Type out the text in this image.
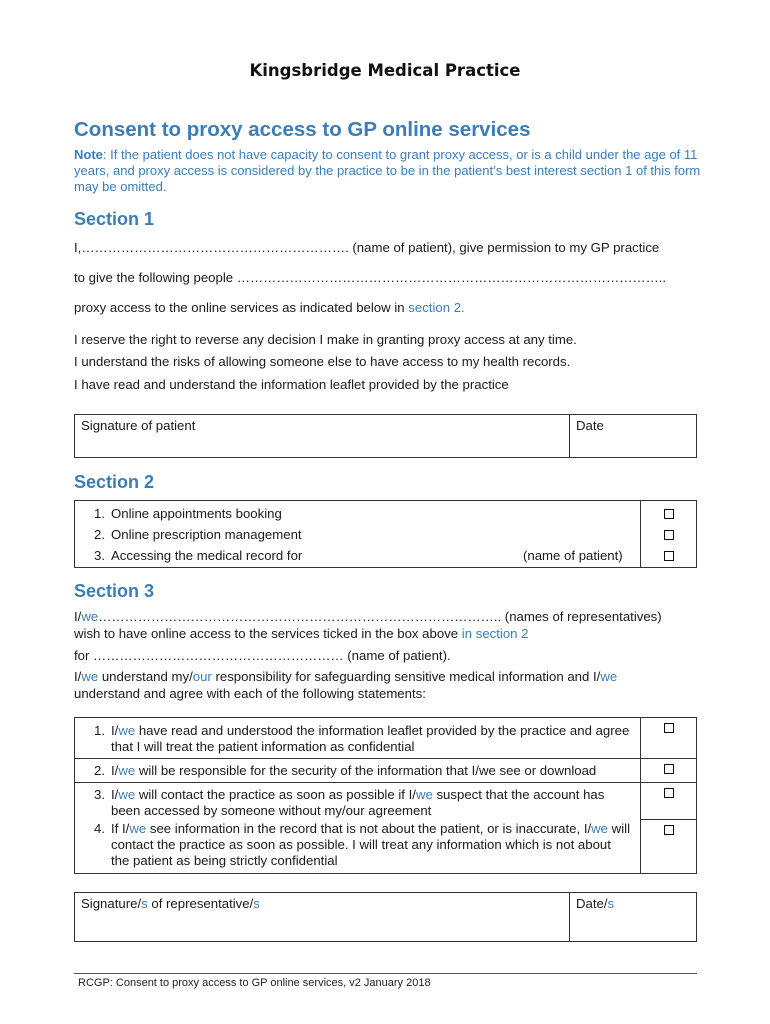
Kingsbridge Medical Practice
Consent to proxy access to GP online services
Note: If the patient does not have capacity to consent to grant proxy access, or is a child under the age of 11 years, and proxy access is considered by the practice to be in the patient’s best interest section 1 of this form may be omitted.
Section 1
I,……………………………………………………. (name of patient), give permission to my GP practice
to give the following people ……………………………………………………………………………………..
proxy access to the online services as indicated below in section 2.
I reserve the right to reverse any decision I make in granting proxy access at any time.
I understand the risks of allowing someone else to have access to my health records.
I have read and understand the information leaflet provided by the practice
Signature of patient	Date
Section 2
1. Online appointments booking
2. Online prescription management
3. Accessing the medical record for	(name of patient)

Section 3
I/we……………………………………………………………………………….. (names of representatives)
wish to have online access to the services ticked in the box above in section 2
for ………………………………………………… (name of patient).
I/we understand my/our responsibility for safeguarding sensitive medical information and I/we
understand and agree with each of the following statements:
1. I/we have read and understood the information leaflet provided by the practice and agree that I will treat the patient information as confidential	

2. I/we will be responsible for the security of the information that I/we see or download	

3. I/we will contact the practice as soon as possible if I/we suspect that the account has been accessed by someone without my/our agreement	

4. If I/we see information in the record that is not about the patient, or is inaccurate, I/we will contact the practice as soon as possible. I will treat any information which is not about the patient as being strictly confidential	

Signature/s of representative/s	Date/s
RCGP: Consent to proxy access to GP online services, v2 January 2018
